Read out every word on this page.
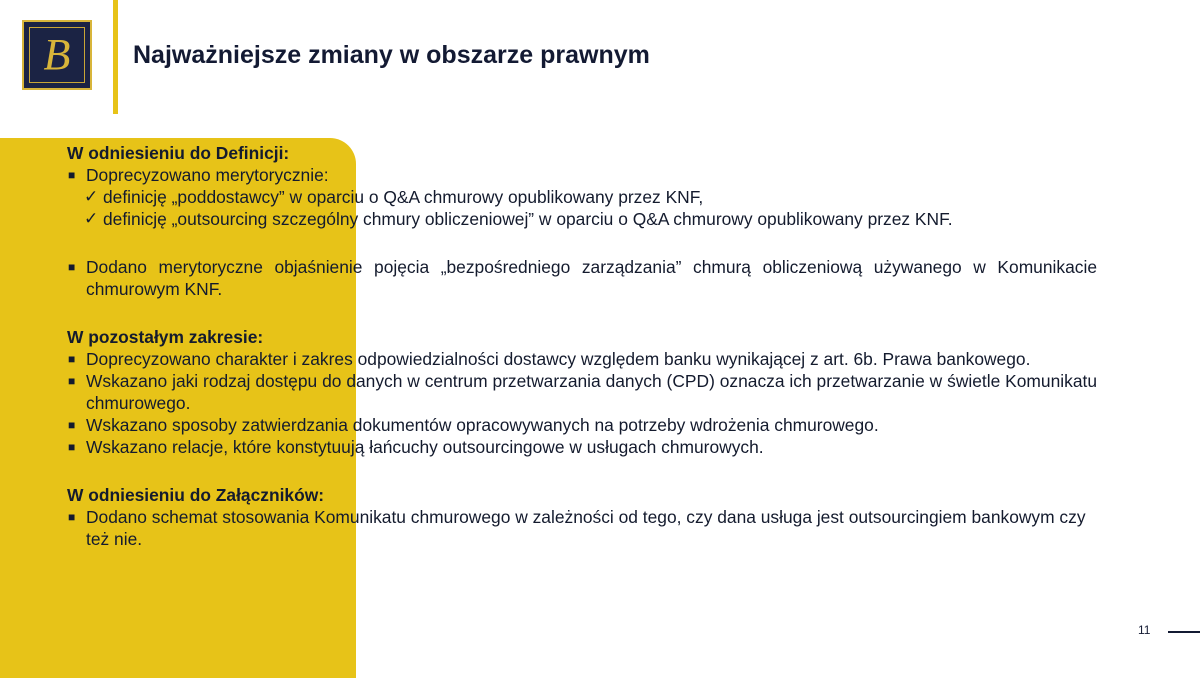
B	Najważniejsze zmiany w obszarze prawnym

W odniesieniu do Definicji:

■ Doprecyzowano merytorycznie:
✓ definicję „poddostawcy” w oparciu o Q&A chmurowy opublikowany przez KNF,
✓ definicję „outsourcing szczególny chmury obliczeniowej” w oparciu o Q&A chmurowy opublikowany przez KNF.
■ Dodano merytoryczne objaśnienie pojęcia „bezpośredniego zarządzania” chmurą obliczeniową używanego w Komunikacie chmurowym KNF.

W pozostałym zakresie:

■ Doprecyzowano charakter i zakres odpowiedzialności dostawcy względem banku wynikającej z art. 6b. Prawa bankowego.
■ Wskazano jaki rodzaj dostępu do danych w centrum przetwarzania danych (CPD) oznacza ich przetwarzanie w świetle Komunikatu chmurowego.
■ Wskazano sposoby zatwierdzania dokumentów opracowywanych na potrzeby wdrożenia chmurowego.
■ Wskazano relacje, które konstytuują łańcuchy outsourcingowe w usługach chmurowych.

W odniesieniu do Załączników:

■ Dodano schemat stosowania Komunikatu chmurowego w zależności od tego, czy dana usługa jest outsourcingiem bankowym czy też nie.
11
